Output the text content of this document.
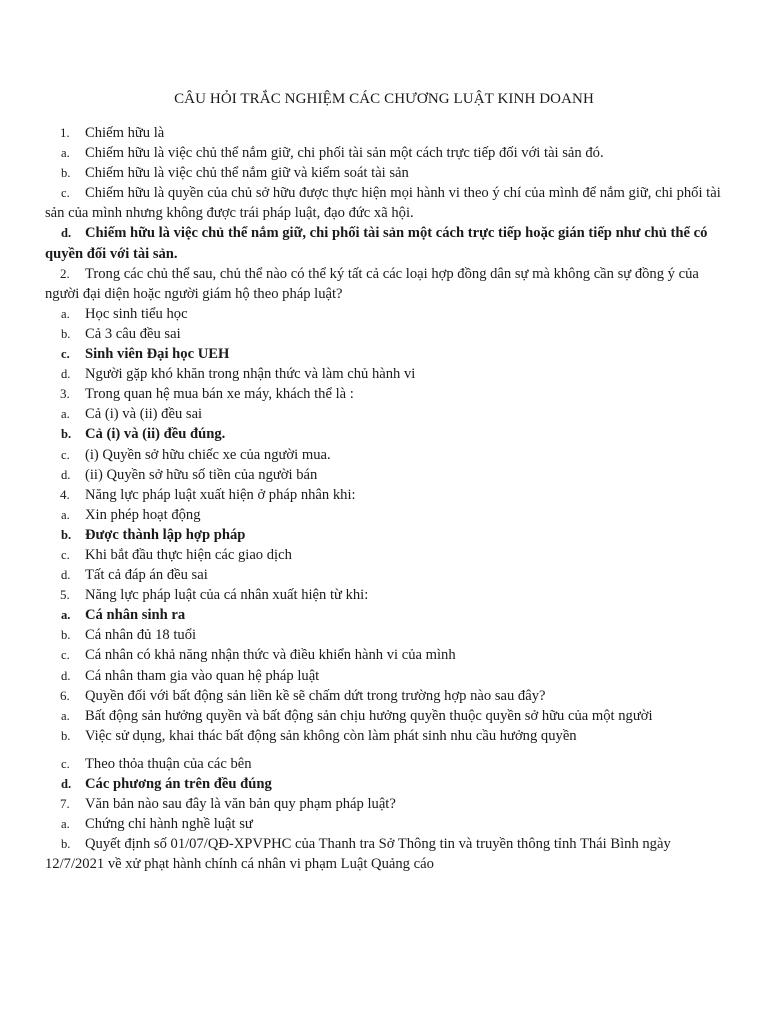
CÂU HỎI TRẮC NGHIỆM CÁC CHƯƠNG LUẬT KINH DOANH
1.	Chiếm hữu là
a.	Chiếm hữu là việc chủ thể nắm giữ, chi phối tài sản một cách trực tiếp đối với tài sản đó.
b. Chiếm hữu là việc chủ thể nắm giữ và kiểm soát tài sản
c. Chiếm hữu là quyền của chủ sở hữu được thực hiện mọi hành vi theo ý chí của mình để nắm giữ, chi phối tài sản của mình nhưng không được trái pháp luật, đạo đức xã hội.
d. Chiếm hữu là việc chủ thể nắm giữ, chi phối tài sản một cách trực tiếp hoặc gián tiếp như chủ thể có quyền đối với tài sản.
2. Trong các chủ thể sau, chủ thể nào có thể ký tất cả các loại hợp đồng dân sự mà không cần sự đồng ý của người đại diện hoặc người giám hộ theo pháp luật?
a.	Học sinh tiểu học
b. Cả 3 câu đều sai
c.	Sinh viên Đại học UEH
d. Người gặp khó khăn trong nhận thức và làm chủ hành vi
3.	Trong quan hệ mua bán xe máy, khách thể là :
a.	Cả (i) và (ii) đều sai
b. Cả (i) và (ii) đều đúng.
c.	(i) Quyền sở hữu chiếc xe của người mua.
d. (ii) Quyền sở hữu số tiền của người bán
4.	Năng lực pháp luật xuất hiện ở pháp nhân khi:
a.	Xin phép hoạt động
b. Được thành lập hợp pháp
c.	Khi bắt đầu thực hiện các giao dịch
d. Tất cả đáp án đều sai
5.	Năng lực pháp luật của cá nhân xuất hiện từ khi:
a. Cá nhân sinh ra
b. Cá nhân đủ 18 tuổi
c.	Cá nhân có khả năng nhận thức và điều khiển hành vi của mình
d. Cá nhân tham gia vào quan hệ pháp luật
6.	Quyền đối với bất động sản liền kề sẽ chấm dứt trong trường hợp nào sau đây?
a.	Bất động sản hưởng quyền và bất động sản chịu hưởng quyền thuộc quyền sở hữu của một người
b. Việc sử dụng, khai thác bất động sản không còn làm phát sinh nhu cầu hưởng quyền
c.	Theo thỏa thuận của các bên
d. Các phương án trên đều đúng
7.	Văn bản nào sau đây là văn bản quy phạm pháp luật?
a.	Chứng chỉ hành nghề luật sư
b. Quyết định số 01/07/QĐ-XPVPHC của Thanh tra Sở Thông tin và truyền thông tỉnh Thái Bình ngày 12/7/2021 về xử phạt hành chính cá nhân vi phạm Luật Quảng cáo
